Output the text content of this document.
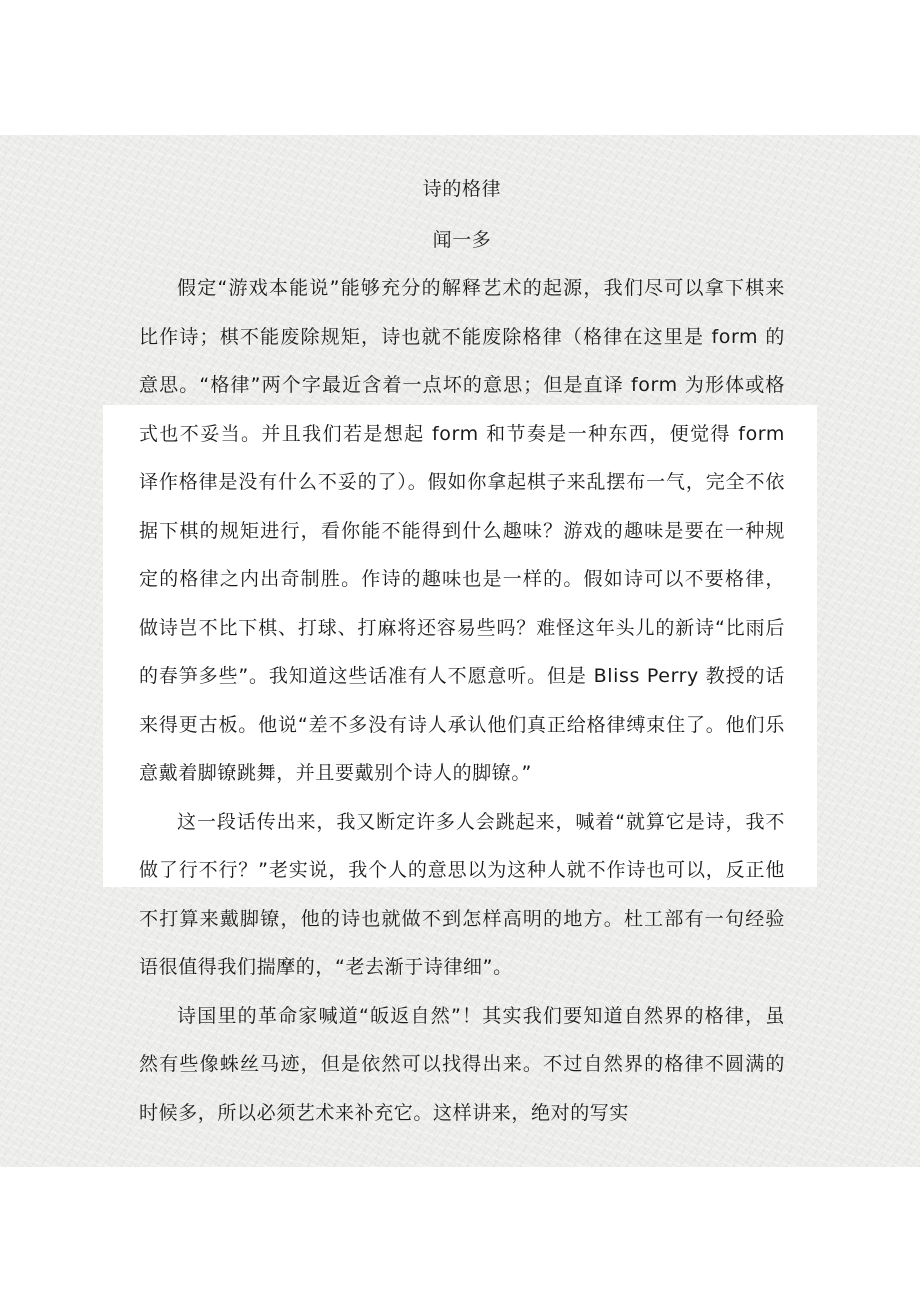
诗的格律
闻一多

假定“游戏本能说”能够充分的解释艺术的起源，我们尽可以拿下棋来比作诗；棋不能废除规矩，诗也就不能废除格律（格律在这里是 form 的意思。“格律”两个字最近含着一点坏的意思；但是直译 form 为形体或格式也不妥当。并且我们若是想起 form 和节奏是一种东西，便觉得 form 译作格律是没有什么不妥的了）。假如你拿起棋子来乱摆布一气，完全不依据下棋的规矩进行，看你能不能得到什么趣味？游戏的趣味是要在一种规定的格律之内出奇制胜。作诗的趣味也是一样的。假如诗可以不要格律，做诗岂不比下棋、打球、打麻将还容易些吗？难怪这年头儿的新诗“比雨后的春笋多些”。我知道这些话准有人不愿意听。但是 Bliss Perry 教授的话来得更古板。他说“差不多没有诗人承认他们真正给格律缚束住了。他们乐意戴着脚镣跳舞，并且要戴别个诗人的脚镣。”

这一段话传出来，我又断定许多人会跳起来，喊着“就算它是诗，我不做了行不行？”老实说，我个人的意思以为这种人就不作诗也可以，反正他不打算来戴脚镣，他的诗也就做不到怎样高明的地方。杜工部有一句经验语很值得我们揣摩的，“老去渐于诗律细”。

诗国里的革命家喊道“皈返自然”！其实我们要知道自然界的格律，虽然有些像蛛丝马迹，但是依然可以找得出来。不过自然界的格律不圆满的时候多，所以必须艺术来补充它。这样讲来，绝对的写实
